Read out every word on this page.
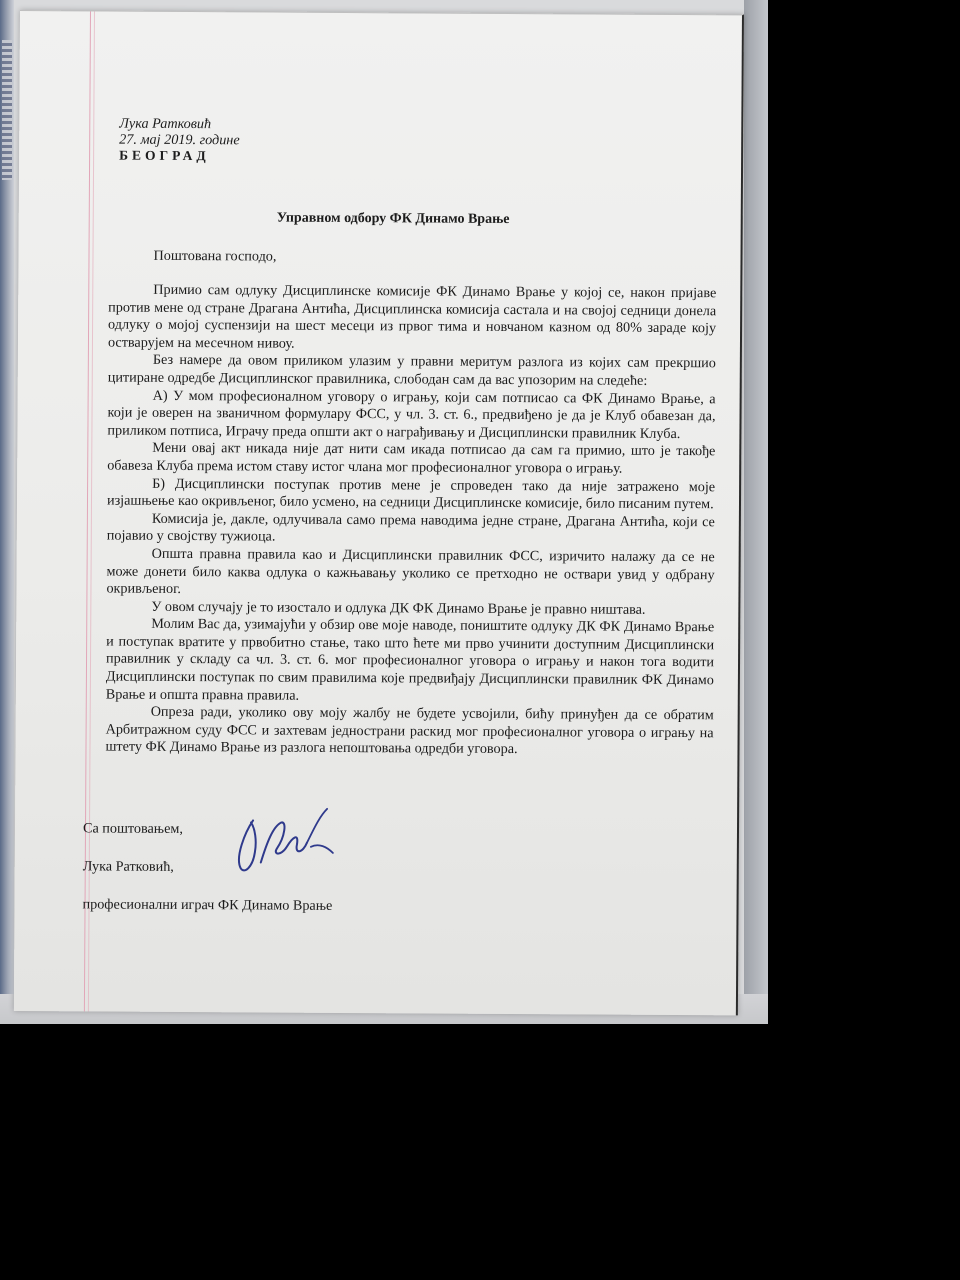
Лука Ратковић
27. мај 2019. године
БЕОГРАД
Управном одбору ФК Динамо Врање
Поштована господо,

Примио сам одлуку Дисциплинске комисије ФК Динамо Врање у којој се, након пријаве против мене од стране Драгана Антића, Дисциплинска комисија састала и на својој седници донела одлуку о мојој суспензији на шест месеци из првог тима и новчаном казном од 80% зараде коју остварујем на месечном нивоу.

Без намере да овом приликом улазим у правни меритум разлога из којих сам прекршио цитиране одредбе Дисциплинског правилника, слободан сам да вас упозорим на следеће:

А) У мом професионалном уговору о игрању, који сам потписао са ФК Динамо Врање, а који је оверен на званичном формулару ФСС, у чл. 3. ст. 6., предвиђено је да је Клуб обавезан да, приликом потписа, Играчу преда општи акт о награђивању и Дисциплински правилник Клуба.

Мени овај акт никада није дат нити сам икада потписао да сам га примио, што је такође обавеза Клуба према истом ставу истог члана мог професионалног уговора о игрању.

Б) Дисциплински поступак против мене је спроведен тако да није затражено моје изјашњење као окривљеног, било усмено, на седници Дисциплинске комисије, било писаним путем.

Комисија је, дакле, одлучивала само према наводима једне стране, Драгана Антића, који се појавио у својству тужиоца.

Општа правна правила као и Дисциплински правилник ФСС, изричито налажу да се не може донети било каква одлука о кажњавању уколико се претходно не оствари увид у одбрану окривљеног.

У овом случају је то изостало и одлука ДК ФК Динамо Врање је правно ништава.

Молим Вас да, узимајући у обзир ове моје наводе, поништите одлуку ДК ФК Динамо Врање и поступак вратите у првобитно стање, тако што ћете ми прво учинити доступним Дисциплински правилник у складу са чл. 3. ст. 6. мог професионалног уговора о игрању и након тога водити Дисциплински поступак по свим правилима које предвиђају Дисциплински правилник ФК Динамо Врање и општа правна правила.

Опреза ради, уколико ову моју жалбу не будете усвојили, бићу принуђен да се обратим Арбитражном суду ФСС и захтевам једнострани раскид мог професионалног уговора о игрању на штету ФК Динамо Врање из разлога непоштовања одредби уговора.

Са поштовањем,
Лука Ратковић,
професионални играч ФК Динамо Врање
